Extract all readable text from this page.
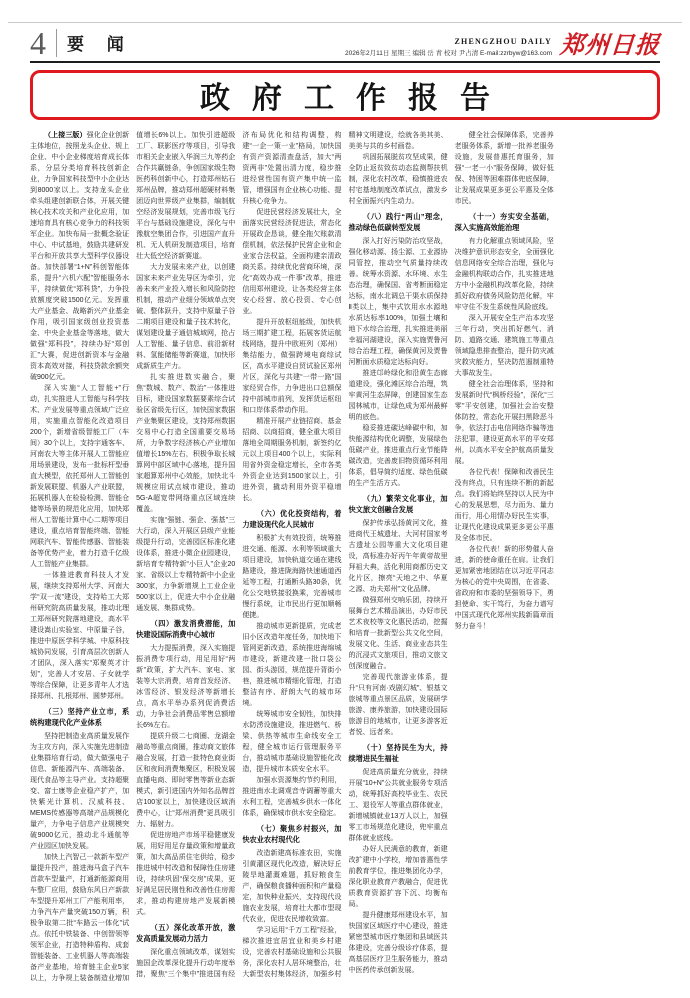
4 要 闻	ZHENGZHOU DAILY
2026年2月11日 星期三 编辑 岳 青 校对 尹占清 E-mail:zzrbyw@163.com 郑州日报
政府工作报告

（上接三版）强化企业创新主体地位，按照龙头企业、规上企业、中小企业梯度培育成长体系，分层分类培育科技创新企业，力争国家科技型中小企业达到8000家以上。支持龙头企业牵头组建创新联合体，开展关键核心技术攻关和产业化应用，加速培育具有核心竞争力的科技领军企业。加快布局一批概念验证中心、中试基地，鼓励共建研发平台和开放共享大型科学仪器设备。加快部署“1+N”科创智能体系，提升“六机六配”智能服务水平，持续做优“郑科贷”，力争投放额度突破1500亿元。发挥重大产业基金、战略新兴产业基金作用，吸引国家级创业投资基金、中央企业基金等落地，做大做强“郑科投”，持续办好“郑创汇”大赛，促进创新资本与金融资本高效对接，科技贷款余额突破900亿元。

深入实施“人工智能+”行动，扎实推进人工智能与科学技术、产业发展等重点领域广泛应用，实施重点智能化改造项目200个，新增省级智能工厂（车间）30个以上，支持宇通客车、河南农大等主体开展人工智能应用场景建设，发布一批标杆型垂直大模型，依托郑州人工智能创新发展联盟、机器人产业联盟，拓展机器人在检验检测、智能仓储等场景的规范化应用，加快郑州人工智能计算中心二期等项目建设，重点培育智能终端、智能网联汽车、智能传感器、智能装备等优势产业，着力打造千亿级人工智能产业集群。

一体推进教育科技人才发展，继续支持郑州大学、河南大学“双一流”建设，支持哈工大郑州研究院高质量发展，推动北理工郑州研究院落地建设，高水平建设嵩山实验室、中原量子谷，推进中原医学科学城、中原科技城协同发展，引育高层次创新人才团队，深入落实“郑聚英才计划”，完善人才安居、子女就学等综合保障，让更多青年人才选择郑州、扎根郑州、圆梦郑州。

（三）坚持产业立市，系统构建现代化产业体系

坚持把制造业高质量发展作为主攻方向，深入实施先进制造业集群培育行动，做大做强电子信息、新能源汽车、高端装备、现代食品等主导产业。支持超聚变、富士康等企业稳产扩产，加快紫光计算机、汉威科技、MEMS传感器等高端产品规模化量产，力争电子信息产业规模突破9000亿元，推动北斗通航等产业园区加快发展。

加快上汽智己一款新车型产量提升投产，推进海马盒子汽车首款车型量产，打通新能源商用车整厂应用，鼓励东风日产新款车型提升郑州工厂产能利用率，力争汽车产量突破150万辆，积极争取第二批“车路云一体化”试点。依托中铁装备、中创智领等领军企业，打造特种盾构、成套智能装备、工业机器人等高端装备产业基地，培育链主企业5家以上，力争规上装备制造业增加值增长6%以上。加快引进超级工厂、联影医疗等项目，引导我市相关企业嵌入华润三九等药企合作共赢链条，争创国家级生物医药科创新中心，打造郑州钻石郑州品牌，推动郑州超硬材料集团迈向世界级产业集群，编制航空经济发展规划，完善市级飞行平台与基础设施建设，深化与中豫航空集团合作，引进国产直升机、无人机研发制造项目，培育壮大低空经济新赛道。

大力发展未来产业，以创建国家未来产业先导区为牵引，完善未来产业投入增长和风险防控机制，推动产业细分领域单点突破、整体跃升，支持中原量子谷二期项目建设和量子技术转化，谋划建设量子通信城域网，抢占人工智能、量子信息、前沿新材料、氢能储能等新赛道，加快形成新质生产力。

扎实推进数实融合，聚焦“数城、数产、数治”一体推进目标，建设国家数据要素综合试验区省级先行区，加快国家数据产业集聚区建设，支持郑州数据交易中心打造全国重要交易场所，力争数字经济核心产业增加值增长15%左右，积极争取长城算网中部区域中心落地，提升国家超算郑州中心效能，加快北斗规模应用试点城市建设，推动5G-A超宽带网络重点区域连续覆盖。

实施“强链、强企、强基”三大行动，深入开展区县级产业能级提升行动，完善园区标准化建设体系，推进小微企业园建设，新培育专精特新“小巨人”企业20家、省级以上专精特新中小企业300家，力争新增规上工业企业500家以上，促进大中小企业融通发展、集群成势。

（四）激发消费潜能，加快建设国际消费中心城市

大力提振消费，深入实施提振消费专项行动，用足用好“两新”政策，扩大汽车、家电、家装等大宗消费，培育首发经济、冰雪经济、银发经济等新增长点，高水平举办系列促消费活动，力争社会消费品零售总额增长6%左右。

提质升级二七商圈、龙湖金融岛等重点商圈，推动商文旅体融合发展，打造一批特色商业街区和夜间消费集聚区，积极发展直播电商、即时零售等新业态新模式，新引进国内外知名品牌首店100家以上，加快建设区域消费中心，让“郑州消费”更具吸引力、辐射力。

促进房地产市场平稳健康发展，用好用足存量政策和增量政策，加大高品质住宅供给，稳步推进城中村改造和保障性住房建设，持续巩固“保交房”成果，更好满足居民刚性和改善性住房需求，推动构建房地产发展新模式。

（五）深化改革开放，激发高质量发展动力活力

深化重点领域改革，谋划实施国企改革深化提升行动年度举措，聚焦“三个集中”推进国有经济布局优化和结构调整，构建“一企一策一业”格局，加快国有资产资源清查盘活，加大“两资两非”处置出清力度，稳步推进经营性国有资产集中统一监管，增强国有企业核心功能、提升核心竞争力。

促进民营经济发展壮大，全面落实民营经济促进法，常态化开展政企恳谈，健全拖欠账款清偿机制，依法保护民营企业和企业家合法权益，全面构建亲清政商关系。持续优化营商环境，深化“高效办成一件事”改革，推进信用郑州建设，让各类经营主体安心经营、放心投资、专心创业。

提升开放枢纽能级，加快机场三期扩建工程，拓展客货运航线网络，提升中欧班列（郑州）集结能力，做强跨境电商综试区，高水平建设自贸试验区郑州片区，深化与共建“一带一路”国家经贸合作，力争进出口总额保持中部城市前列，发挥货运枢纽和口岸体系带动作用。

精准开展产业链招商、基金招商、以商招商，健全重大项目落地全周期服务机制，新签约亿元以上项目400个以上，实际利用省外资金稳定增长，全市各类外资企业达到1500家以上，引进外资，撬动利用外资平稳增长。

（六）优化投资结构，着力建设现代化人民城市

积极扩大有效投资，统筹推进交通、能源、水利等领域重大项目建设，加快轨道交通在建线路建设，推进陇海路快速通道西延等工程，打通断头路30条，优化公交地铁接驳换乘，完善城市慢行系统，让市民出行更加顺畅便捷。

推动城市更新提质，完成老旧小区改造年度任务，加快地下管网更新改造，系统推进海绵城市建设，新建改建一批口袋公园、街头游园，规范提升背街小巷，推进城市精细化管理，打造整洁有序、舒朗大气的城市环境。

统筹城市安全韧性，加快排水防涝设施建设，推进燃气、桥梁、供热等城市生命线安全工程，健全城市运行管理服务平台，推动城市基础设施智能化改造，提升城市本质安全水平。

加强水资源集约节约利用，推进南水北调观音寺调蓄等重大水利工程，完善城乡供水一体化体系，确保城市供水安全稳定。

（七）聚焦乡村振兴，加快农业农村现代化

改造新建高标准农田，实施引黄灌区现代化改造，解决好丘陵旱地灌溉难题，抓好粮食生产，确保粮食播种面积和产量稳定，加快种业振兴，支持现代设施农业发展，培育壮大都市型现代农业，促进农民增收致富。

学习运用“千万工程”经验，梯次推进宜居宜业和美乡村建设，完善农村基础设施和公共服务，深化农村人居环境整治，壮大新型农村集体经济，加强乡村精神文明建设，绘就各美其美、美美与共的乡村画卷。

巩固拓展脱贫攻坚成果，健全防止返贫致贫动态监测帮扶机制，深化农村改革，稳慎推进农村宅基地制度改革试点，激发乡村全面振兴内生动力。

（八）践行“两山”理念，推动绿色低碳转型发展

深入打好污染防治攻坚战，强化移动源、扬尘源、工业源协同管控，推动空气质量持续改善。统筹水资源、水环境、水生态治理，确保国、省考断面稳定达标，南水北调总干渠水质保持Ⅱ类以上，集中式饮用水水源地水质达标率100%，加强土壤和地下水综合治理，扎实推进美丽幸福河湖建设，深入实施贾鲁河综合治理工程，确保黄河及贾鲁河断面水质稳定达标向好。

推进邙岭绿化和沿黄生态廊道建设，强化滩区综合治理，筑牢黄河生态屏障，创建国家生态园林城市，让绿色成为郑州最鲜明的底色。

稳妥推进碳达峰碳中和，加快能源结构优化调整，发展绿色低碳产业，推进重点行业节能降碳改造，完善废旧物资循环利用体系，倡导简约适度、绿色低碳的生产生活方式。

（九）繁荣文化事业，加快文旅文创融合发展

保护传承弘扬黄河文化，推进商代王城遗址、大河村国家考古遗址公园等重大文化项目建设，高标准办好丙午年黄帝故里拜祖大典，活化利用商都历史文化片区，擦亮“天地之中、华夏之源、功夫郑州”文化品牌。

做强郑州交响乐团，持续开展舞台艺术精品演出，办好市民艺术夜校等文化惠民活动，挖掘和培育一批新型公共文化空间，发展文化、生活、商业业态共生的沉浸式文旅项目，推动文旅文创深度融合。

完善现代旅游业体系，提升“只有河南·戏剧幻城”、银基文旅城等重点景区品质，发展研学旅游、康养旅游，加快建设国际旅游目的地城市，让更多游客近者悦、远者来。

（十）坚持民生为大，持续增进民生福祉

促进高质量充分就业，持续开展“10+N”公共就业服务专项活动，统筹抓好高校毕业生、农民工、退役军人等重点群体就业，新增城镇就业13万人以上，加强零工市场规范化建设，兜牢重点群体就业底线。

办好人民满意的教育，新建改扩建中小学校，增加普惠性学前教育学位，推进集团化办学，深化职业教育产教融合，促进优质教育资源扩容下沉、均衡布局。

提升健康郑州建设水平，加快国家区域医疗中心建设，推进紧密型城市医疗集团和县域医共体建设，完善分级诊疗体系，提高基层医疗卫生服务能力，推动中医药传承创新发展。

健全社会保障体系，完善养老服务体系，新增一批养老服务设施，发展普惠托育服务，加强“一老一小”服务保障，做好低保、特困等困难群体兜底保障，让发展成果更多更公平惠及全体市民。

（十一）夯实安全基础，深入实施高效能治理

有力化解重点领域风险，坚决维护意识形态安全，全面强化信息网络安全综合治理，强化与金融机构联动合作，扎实推进地方中小金融机构改革化险，持续抓好政府债务风险防范化解，牢牢守住不发生系统性风险底线。

深入开展安全生产治本攻坚三年行动，突出抓好燃气、消防、道路交通、建筑施工等重点领域隐患排查整治，提升防灾减灾救灾能力，坚决防范遏制重特大事故发生。

健全社会治理体系，坚持和发展新时代“枫桥经验”，深化“三零”平安创建，加强社会治安整体防控，常态化开展扫黑除恶斗争，依法打击电信网络诈骗等违法犯罪，建设更高水平的平安郑州，以高水平安全护航高质量发展。

各位代表！保障和改善民生没有终点，只有连续不断的新起点。我们将始终坚持以人民为中心的发展思想，尽力而为、量力而行，用心用情办好民生实事，让现代化建设成果更多更公平惠及全体市民。

各位代表！新的形势催人奋进，新的使命重任在肩。让我们更加紧密地团结在以习近平同志为核心的党中央周围，在省委、省政府和市委的坚强领导下，勇担使命、实干笃行，为奋力谱写中国式现代化郑州实践新篇章而努力奋斗！
